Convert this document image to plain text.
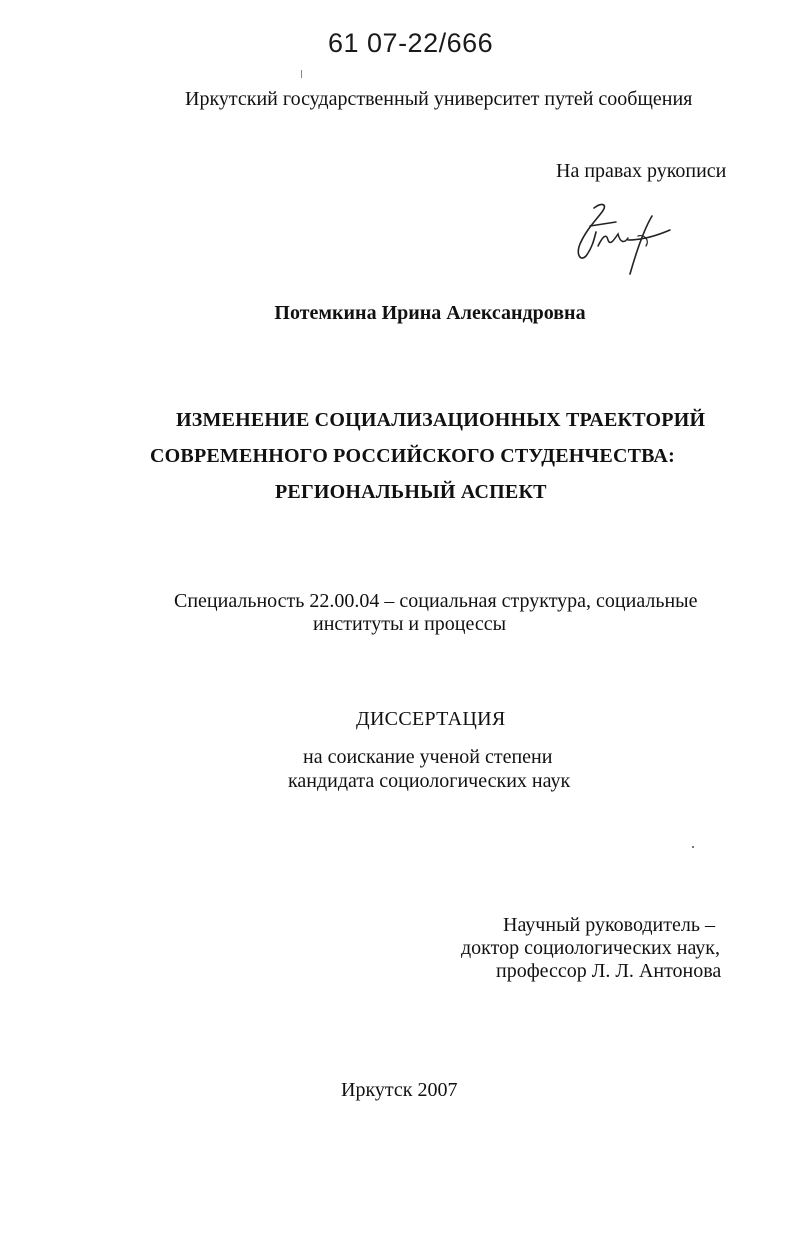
61 07-22/666
Иркутский государственный университет путей сообщения
На правах рукописи
Потемкина Ирина Александровна
ИЗМЕНЕНИЕ СОЦИАЛИЗАЦИОННЫХ ТРАЕКТОРИЙ
СОВРЕМЕННОГО РОССИЙСКОГО СТУДЕНЧЕСТВА:
РЕГИОНАЛЬНЫЙ АСПЕКТ
Специальность 22.00.04 – социальная структура, социальные
институты и процессы
ДИССЕРТАЦИЯ
на соискание ученой степени
кандидата социологических наук
Научный руководитель –
доктор социологических наук,
профессор Л. Л. Антонова
Иркутск 2007
